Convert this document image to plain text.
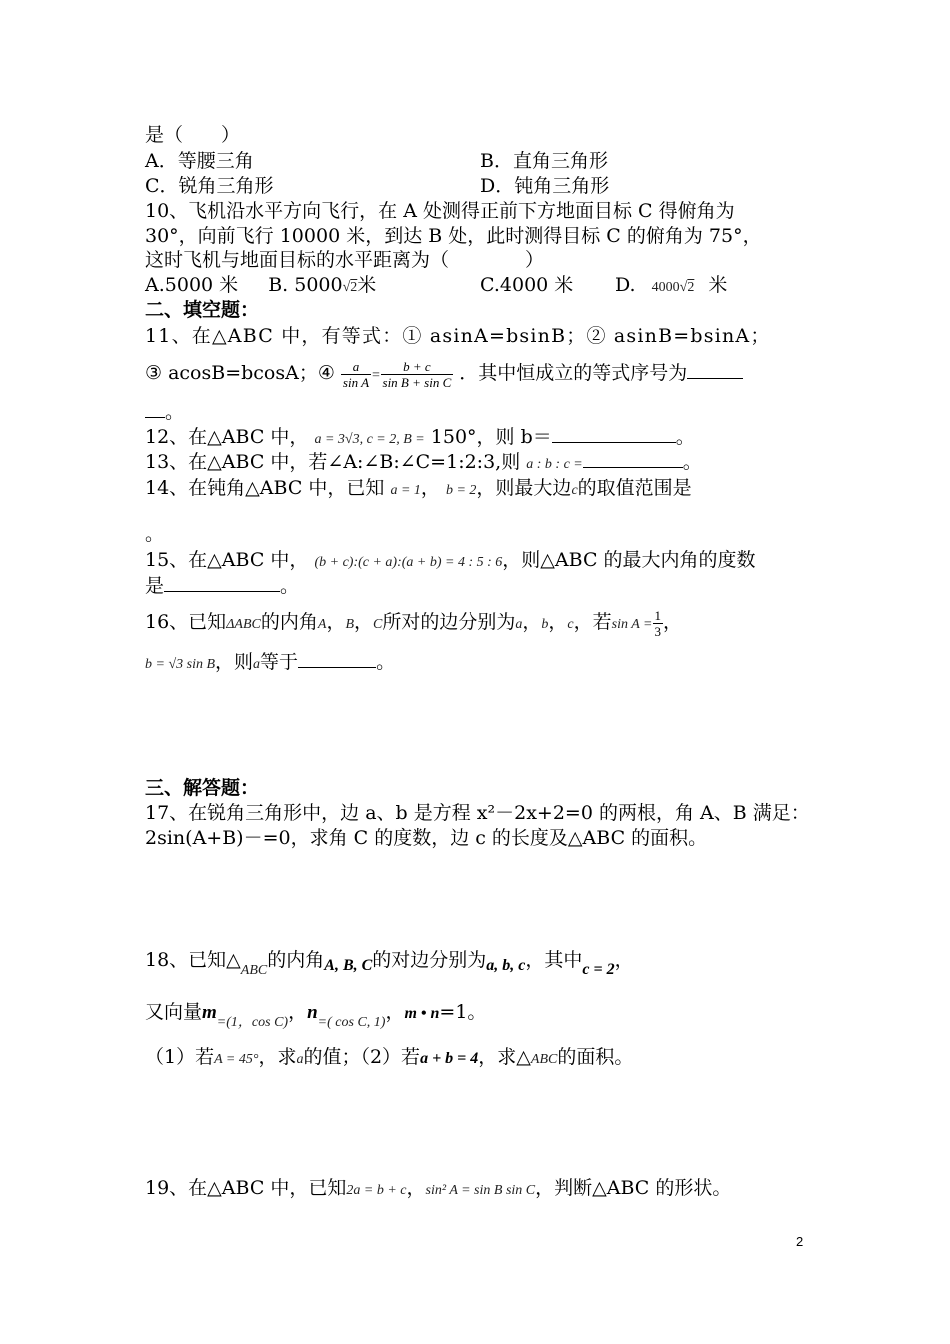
是（　　）
A．等腰三角	B．直角三角形
C．锐角三角形	D．钝角三角形
10、飞机沿水平方向飞行，在 A 处测得正前下方地面目标 C 得俯角为
30°，向前飞行 10000 米，到达 B 处，此时测得目标 C 的俯角为 75°，
这时飞机与地面目标的水平距离为（　　　　）
A.5000 米 B. 5000√2米	C.4000 米 D. 4000√2 米
二、填空题：
11、在△ABC 中，有等式：① asinA=bsinB；② asinB=bsinA；
③ acosB=bcosA；④ $\frac{a}{\text{sin A}} = \frac{b + c}{\text{sin B + sin C}}$ ．其中恒成立的等式序号为
。
12、在△ABC 中， a = 3√3, c = 2, B = 150°，则 b＝	。
13、在△ABC 中，若∠A:∠B:∠C=1:2:3,则 a : b : c =	。
14、在钝角△ABC 中，已知 a = 1， b = 2，则最大边c的取值范围是
。
15、在△ABC 中， (b + c):(c + a):(a + b) = 4 : 5 : 6，则△ABC 的最大内角的度数
是	。
16、已知ΔABC的内角A，B，C所对的边分别为a，b，c，若$\sin A = \frac{1}{3}$ ，
b = √3 sin B，则a等于	。
三、解答题：
17、在锐角三角形中，边 a、b 是方程 x²－2x+2=0 的两根，角 A、B 满足：
2sin(A+B)－=0，求角 C 的度数，边 c 的长度及△ABC 的面积。
18、已知$\triangle_{ABC}$的内角$_{A, B, C}$的对边分别为$_{a, b, c}$，其中$_{c = 2}$，
又向量$m_{=(1,cos C)}$，$n_{=( cos C, 1)}$，m • n=1。
（1）若A = 45°，求a的值；（2）若a + b = 4，求△ABC的面积。
19、在△ABC 中，已知2a = b + c，sin² A = sin B sin C，判断△ABC 的形状。
2
